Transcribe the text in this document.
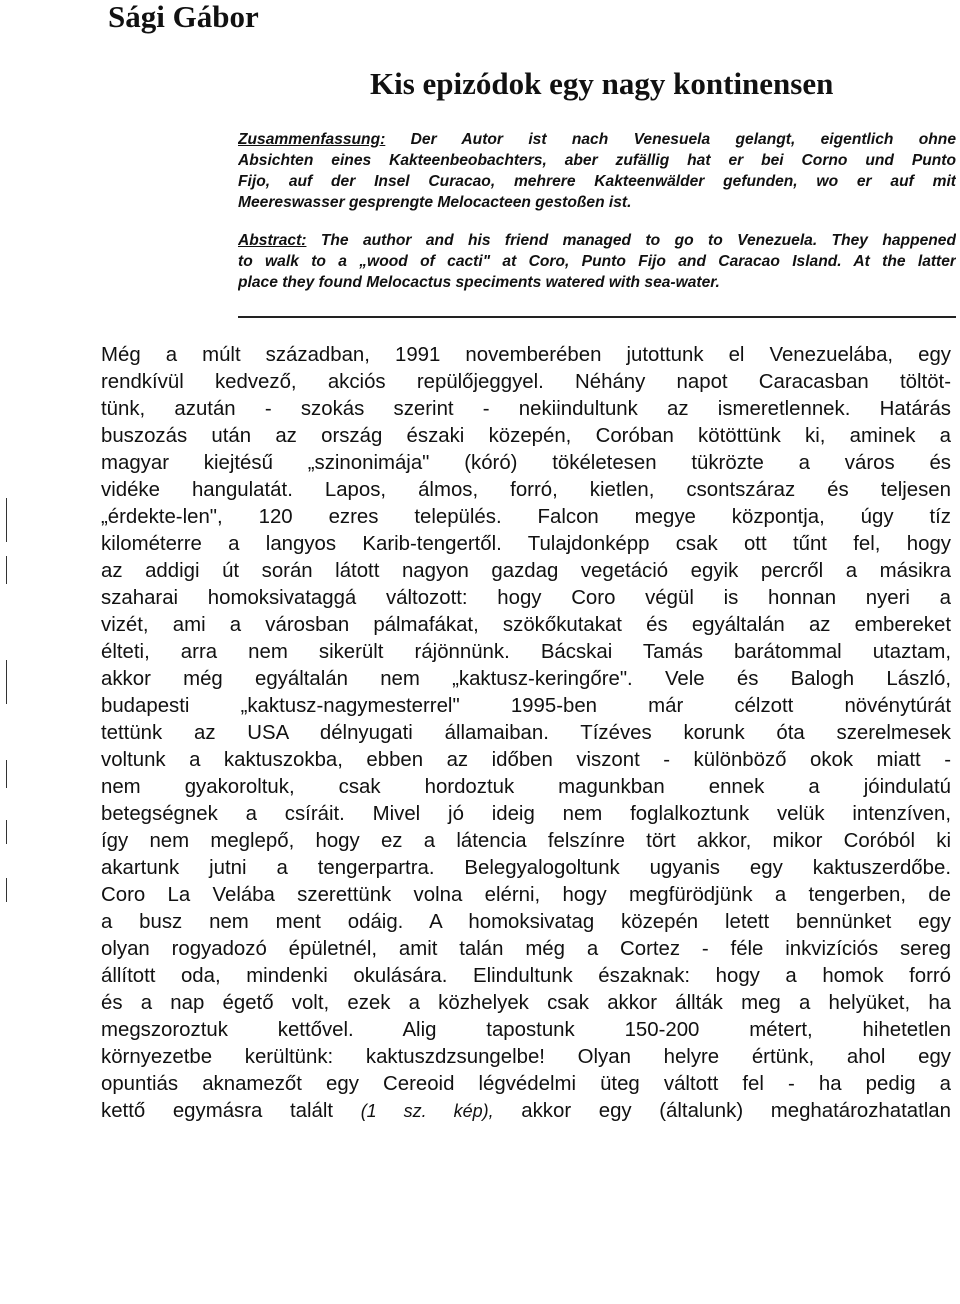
Sági Gábor
Kis epizódok egy nagy kontinensen
Zusammenfassung: Der Autor ist nach Venesuela gelangt, eigentlich ohne
Absichten eines Kakteenbeobachters, aber zufällig hat er bei Corno und Punto
Fijo, auf der Insel Curacao, mehrere Kakteenwälder gefunden, wo er auf mit
Meereswasser gesprengte Melocacteen gestoßen ist.
Abstract: The author and his friend managed to go to Venezuela. They happened
to walk to a „wood of cacti" at Coro, Punto Fijo and Caracao Island. At the latter
place they found Melocactus speciments watered with sea-water.
Még a múlt században, 1991 novemberében jutottunk el Venezuelába, egy
rendkívül kedvező, akciós repülőjeggyel. Néhány napot Caracasban töltöt-
tünk, azután - szokás szerint - nekiindultunk az ismeretlennek. Határás
buszozás után az ország északi közepén, Coróban kötöttünk ki, aminek a
magyar kiejtésű „szinonimája" (kóró) tökéletesen tükrözte a város és
vidéke hangulatát. Lapos, álmos, forró, kietlen, csontszáraz és teljesen
„érdekte-len", 120 ezres település. Falcon megye központja, úgy tíz
kilométerre a langyos Karib-tengertől. Tulajdonképp csak ott tűnt fel, hogy
az addigi út során látott nagyon gazdag vegetáció egyik percről a másikra
szaharai homoksivataggá változott: hogy Coro végül is honnan nyeri a
vizét, ami a városban pálmafákat, szökőkutakat és egyáltalán az embereket
élteti, arra nem sikerült rájönnünk. Bácskai Tamás barátommal utaztam,
akkor még egyáltalán nem „kaktusz-keringőre". Vele és Balogh László,
budapesti „kaktusz-nagymesterrel" 1995-ben már célzott növénytúrát
tettünk az USA délnyugati államaiban. Tízéves korunk óta szerelmesek
voltunk a kaktuszokba, ebben az időben viszont - különböző okok miatt -
nem gyakoroltuk, csak hordoztuk magunkban ennek a jóindulatú
betegségnek a csíráit. Mivel jó ideig nem foglalkoztunk velük intenzíven,
így nem meglepő, hogy ez a látencia felszínre tört akkor, mikor Coróból ki
akartunk jutni a tengerpartra. Belegyalogoltunk ugyanis egy kaktuszerdőbe.
Coro La Velába szerettünk volna elérni, hogy megfürödjünk a tengerben, de
a busz nem ment odáig. A homoksivatag közepén letett bennünket egy
olyan rogyadozó épületnél, amit talán még a Cortez - féle inkvizíciós sereg
állított oda, mindenki okulására. Elindultunk északnak: hogy a homok forró
és a nap égető volt, ezek a közhelyek csak akkor állták meg a helyüket, ha
megszoroztuk kettővel. Alig tapostunk 150-200 métert, hihetetlen
környezetbe kerültünk: kaktuszdzsungelbe! Olyan helyre értünk, ahol egy
opuntiás aknamezőt egy Cereoid légvédelmi üteg váltott fel - ha pedig a
kettő egymásra talált (1 sz. kép), akkor egy (általunk) meghatározhatatlan
